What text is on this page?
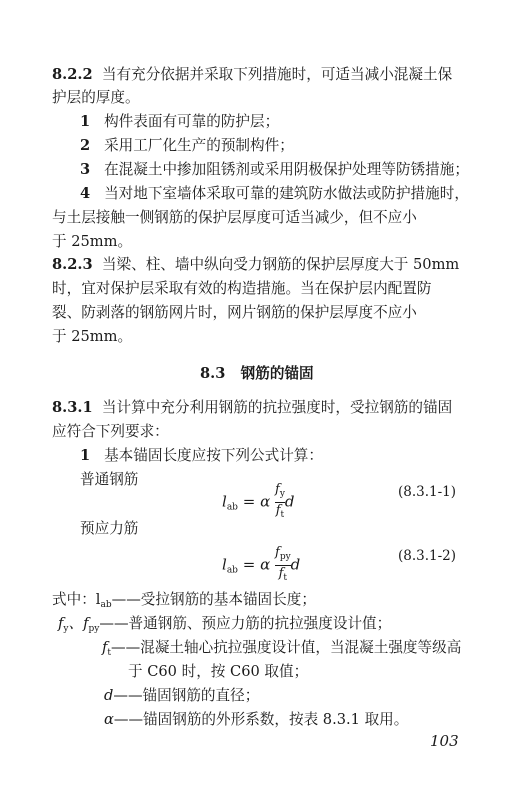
8.2.2 当有充分依据并采取下列措施时，可适当减小混凝土保
护层的厚度。
1 构件表面有可靠的防护层；
2 采用工厂化生产的预制构件；
3 在混凝土中掺加阻锈剂或采用阴极保护处理等防锈措施；
4 当对地下室墙体采取可靠的建筑防水做法或防护措施时，
与土层接触一侧钢筋的保护层厚度可适当减少，但不应小
于 25mm。
8.2.3 当梁、柱、墙中纵向受力钢筋的保护层厚度大于 50mm
时，宜对保护层采取有效的构造措施。当在保护层内配置防
裂、防剥落的钢筋网片时，网片钢筋的保护层厚度不应小
于 25mm。
8.3 钢筋的锚固
8.3.1 当计算中充分利用钢筋的抗拉强度时，受拉钢筋的锚固
应符合下列要求：
1 基本锚固长度应按下列公式计算：
普通钢筋
$l_{ab} = \alpha \frac{f_y}{f_t}$ d
(8.3.1-1)
预应力筋
$l_{ab} = \alpha \frac{f_{py}}{f_t}$ d	(8.3.1-2)
式中：$l_{ab}——$受拉钢筋的基本锚固长度；
$f_y$、$f_{py}——$普通钢筋、预应力筋的抗拉强度设计值；
$f_t——$混凝土轴心抗拉强度设计值，当混凝土强度等级高
于 C60 时，按 C60 取值；
d——锚固钢筋的直径；
α——锚固钢筋的外形系数，按表 8.3.1 取用。
103
